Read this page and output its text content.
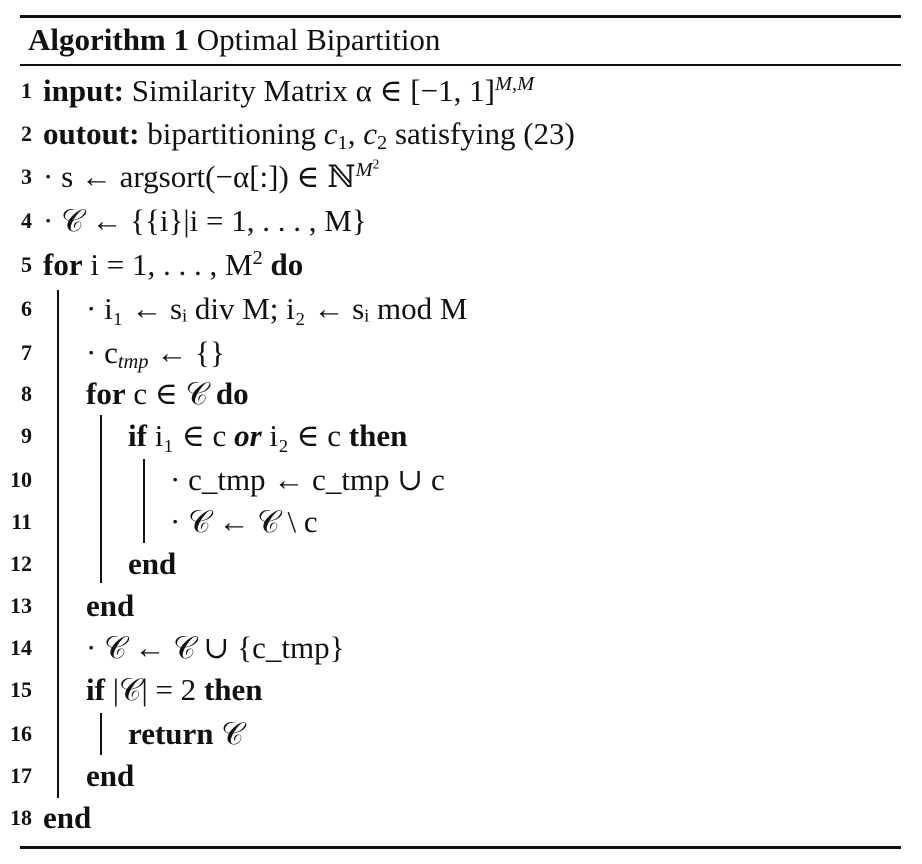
Algorithm 1 Optimal Bipartition
1 input: Similarity Matrix α ∈ [−1, 1]$^{M,M}$
2 outout: bipartitioning $c_1$, $c_2$ satisfying (23)
3 · s ← argsort(−α[:]) ∈ ℕ$^{M^2}$
4 · 𝒞 ← {{i}|i = 1, . . . , M}
5 for i = 1, . . . , $M^2$ do
6 · i₁ ← sᵢ div M; i₂ ← sᵢ mod M
$7 \cdot c_{tmp}$ ← {}
8 for c ∈ 𝒞 do
9	if i₁ ∈ c or i₂ ∈ c then
10	· c_tmp ← c_tmp ∪ c
11	· 𝒞 ← 𝒞 \ c
12	end
13 end
14 · 𝒞 ← 𝒞 ∪ {c_tmp}
15 if |𝒞| = 2 then
16	return 𝒞
17 end
18 end
